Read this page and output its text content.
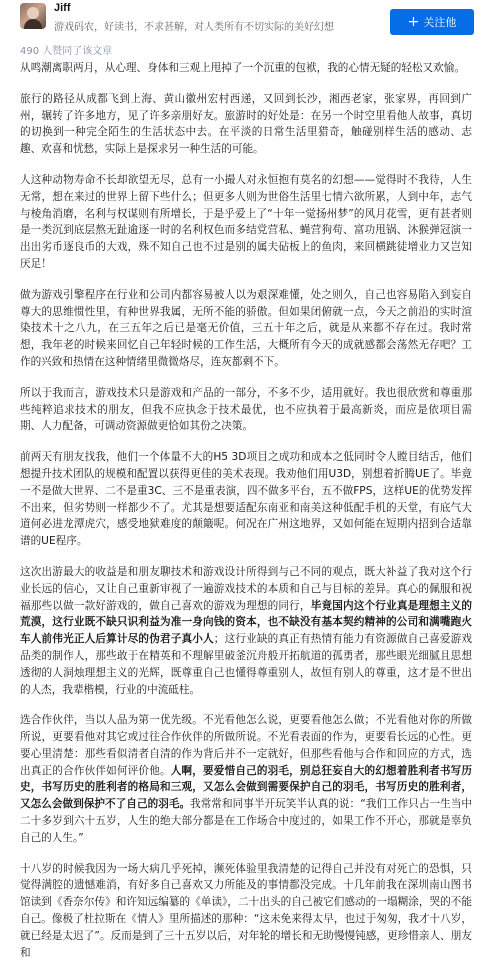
Jiff
游戏码农，好读书，不求甚解，对人类所有不切实际的美好幻想	+ 关注他
490 人赞同了该文章

从鸣潮离职两月，从心理、身体和三观上甩掉了一个沉重的包袱，我的心情无疑的轻松又欢愉。

旅行的路径从成都飞到上海、黄山徽州宏村西递，又回到长沙，湘西老家，张家界，再回到广州，辗转了许多地方，见了许多亲朋好友。旅游时的好处是：在另一个时空里看他人故事，真切的切换到一种完全陌生的生活状态中去。在平淡的日常生活里猎奇，触碰别样生活的感动、志趣、欢喜和忧愁，实际上是探求另一种生活的可能。

人这种动物寿命不长却欲望无尽，总有一小撮人对永恒抱有莫名的幻想——觉得时不我待，人生无常，想在来过的世界上留下些什么；但更多人则为世俗生活里七情六欲所累，人到中年，志气与棱角消磨，名利与权谋则有所增长，于是乎爱上了“十年一觉扬州梦”的风月花雪，更有甚者则是一类沉到底层熬无趾逾逐一时的名利权色而多结党营私、蝇营狗苟、富功甩锅、沐猴弹冠演一出出劣币逐良币的大戏，殊不知自己也不过是别的属夫砧板上的鱼肉，来回横跳徒增业力又岂知厌足！

做为游戏引擎程序在行业和公司内都容易被人以为艰深难懂，处之则久，自己也容易陷入到妄自尊大的思维惯性里，有种世界我属，无所不能的骄傲。但如果闭俯就一点，今天之前沿的实时渲染技术十之八九，在三五年之后已是毫无价值，三五十年之后，就是从来都不存在过。我时常想，我年老的时候来回忆自己年轻时候的工作生活，大概所有今天的成就感都会荡然无存吧？工作的兴致和热情在这种情绪里微微烙尽，连灰都剩不下。

所以于我而言，游戏技术只是游戏和产品的一部分，不多不少，适用就好。我也很欣赏和尊重那些纯粹追求技术的朋友，但我不应执念于技术最优，也不应执着于最高新炎，而应是依项目需期、人力配备，可调动资源做更恰如其份之决策。

前两天有朋友找我，他们一个体量不大的H5 3D项目之成功和成本之低同时令人瞠目结舌，他们想提升技术团队的规模和配置以获得更佳的美术表现。我劝他们用U3D，别想着折腾UE了。毕竟一不是做大世界、二不是重3C、三不是重表演，四不做多平台，五不做FPS，这样UE的优势发挥不出来，但劣势则一样都少不了。尤其是想要适配东南亚和南美这种低配手机的天堂，有底气大道何必进龙潭虎穴，感受地狱难度的颠簸呢。何况在广州这地界，又如何能在短期内招到合适靠谱的UE程序。

这次出游最大的收益是和朋友聊技术和游戏设计所得到与己不同的观点，既大补益了我对这个行业长远的信心，又让自己重新审视了一遍游戏技术的本质和自己与目标的差异。真心的佩服和祝福那些以做一款好游戏的，做自己喜欢的游戏为理想的同行，毕竟国内这个行业真是理想主义的荒漠，这行业既不缺只识利益为准一身向钱的资本，也不缺没有基本契约精神的公司和满嘴跑火车人前伟光正人后算计尽的伪君子真小人；这行业缺的真正有热情有能力有资源做自己喜爱游戏品类的制作人，那些敢于在精英和不理解里破釜沉舟般开拓航道的孤勇者，那些眼光细腻且思想透彻的人洞烛理想主义的光辉，既尊重自己也懂得尊重别人，故恒有别人的尊重，这才是不世出的人杰，我辈楷模，行业的中流砥柱。

选合作伙伴，当以人品为第一优先级。不光看他怎么说，更要看他怎么做；不光看他对你的所做所说，更要看他对其它或过往合作伙伴的所做所说。不光看表面的作为，更要看长远的心性。更要心里清楚：那些看似清者自清的作为背后并不一定就好，但那些看他与合作和回应的方式，选出真正的合作伙伴如何评价他。人啊，要爱惜自己的羽毛，别总狂妄自大的幻想着胜利者书写历史，书写历史的胜利者的格局和三观，又怎么会做到需要保护自己的羽毛，书写历史的胜利者，又怎么会做到保护不了自己的羽毛。我常常和同事半开玩笑半认真的说：“我们工作只占一生当中二十多岁到六十五岁，人生的绝大部分都是在工作场合中度过的，如果工作不开心，那就是辜负自己的人生。”

十八岁的时候我因为一场大病几乎死掉，濒死体验里我清楚的记得自己并没有对死亡的恐惧，只觉得满腔的遗憾难消，有好多自己喜欢又力所能及的事情都没完成。十几年前我在深圳南山图书馆读到《香奈尔传》和许知远编纂的《单读》，二十出头的自己被它们感动的一塌糊涂，哭的不能自己。像极了杜拉斯在《情人》里所描述的那种：“这未免来得太早，也过于匆匆，我才十八岁，就已经是太迟了”。反而是到了三十五岁以后，对年轮的增长和无助慢慢钝感，更珍惜亲人、朋友和
